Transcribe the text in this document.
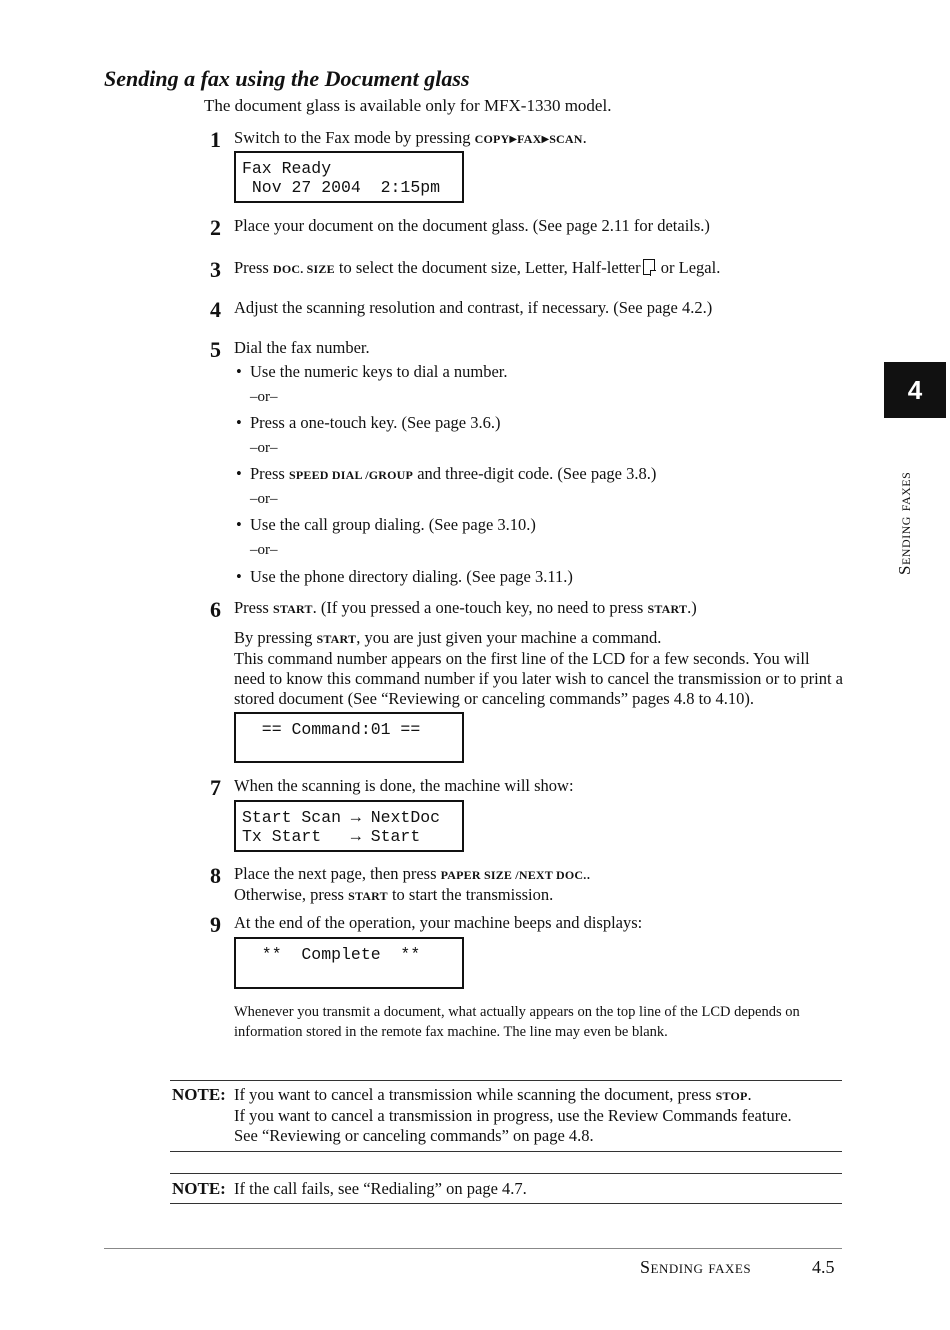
Sending a fax using the Document glass
The document glass is available only for MFX-1330 model.
1 Switch to the Fax mode by pressing COPY▶FAX▶SCAN.
Fax Ready
Nov 27 2004  2:15pm
2 Place your document on the document glass. (See page 2.11 for details.)
3 Press DOC. SIZE to select the document size, Letter, Half-letter or Legal.
4 Adjust the scanning resolution and contrast, if necessary. (See page 4.2.)
5 Dial the fax number.
• Use the numeric keys to dial a number.
–or–
• Press a one-touch key. (See page 3.6.)
–or–
• Press SPEED DIAL /GROUP and three-digit code. (See page 3.8.)
–or–
• Use the call group dialing. (See page 3.10.)
–or–
• Use the phone directory dialing. (See page 3.11.)
6 Press START. (If you pressed a one-touch key, no need to press START.)
By pressing START, you are just given your machine a command.
This command number appears on the first line of the LCD for a few seconds. You will need to know this command number if you later wish to cancel the transmission or to print a stored document (See “Reviewing or canceling commands” pages 4.8 to 4.10).
== Command:01 ==
7 When the scanning is done, the machine will show:
Start Scan → NextDoc
Tx Start   → Start
8 Place the next page, then press PAPER SIZE /NEXT DOC..
Otherwise, press START to start the transmission.
9 At the end of the operation, your machine beeps and displays:
**  Complete  **
Whenever you transmit a document, what actually appears on the top line of the LCD depends on information stored in the remote fax machine. The line may even be blank.
NOTE: If you want to cancel a transmission while scanning the document, press STOP.
If you want to cancel a transmission in progress, use the Review Commands feature.
See “Reviewing or canceling commands” on page 4.8.
NOTE: If the call fails, see “Redialing” on page 4.7.
4
Sending faxes
Sending faxes	4.5
